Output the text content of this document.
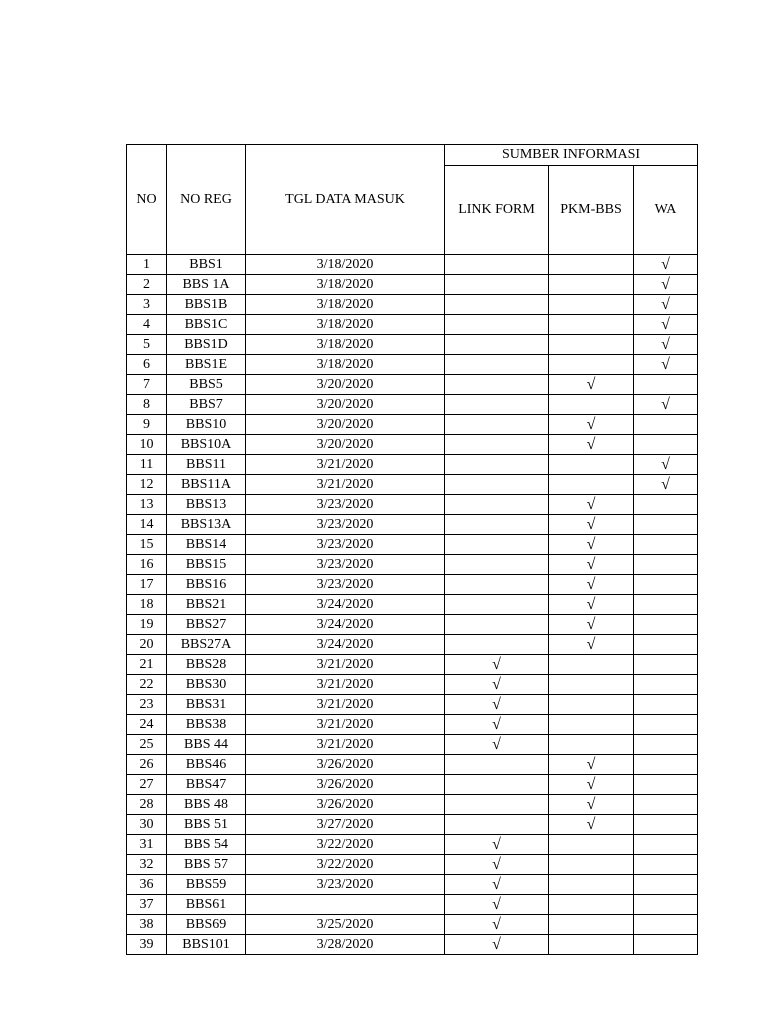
NO	NO REG	TGL DATA MASUK	SUMBER INFORMASI		
			LINK FORM	PKM-BBS	WA
1	BBS1	3/18/2020			√
2	BBS 1A	3/18/2020			√
3	BBS1B	3/18/2020			√
4	BBS1C	3/18/2020			√
5	BBS1D	3/18/2020			√
6	BBS1E	3/18/2020			√
7	BBS5	3/20/2020		√	
8	BBS7	3/20/2020			√
9	BBS10	3/20/2020		√	
10	BBS10A	3/20/2020		√	
11	BBS11	3/21/2020			√
12	BBS11A	3/21/2020			√
13	BBS13	3/23/2020		√	
14	BBS13A	3/23/2020		√	
15	BBS14	3/23/2020		√	
16	BBS15	3/23/2020		√	
17	BBS16	3/23/2020		√	
18	BBS21	3/24/2020		√	
19	BBS27	3/24/2020		√	
20	BBS27A	3/24/2020		√	
21	BBS28	3/21/2020	√		
22	BBS30	3/21/2020	√		
23	BBS31	3/21/2020	√		
24	BBS38	3/21/2020	√		
25	BBS 44	3/21/2020	√		
26	BBS46	3/26/2020		√	
27	BBS47	3/26/2020		√	
28	BBS 48	3/26/2020		√	
30	BBS 51	3/27/2020		√	
31	BBS 54	3/22/2020	√		
32	BBS 57	3/22/2020	√		
36	BBS59	3/23/2020	√		
37	BBS61		√		
38	BBS69	3/25/2020	√		
39	BBS101	3/28/2020	√		
